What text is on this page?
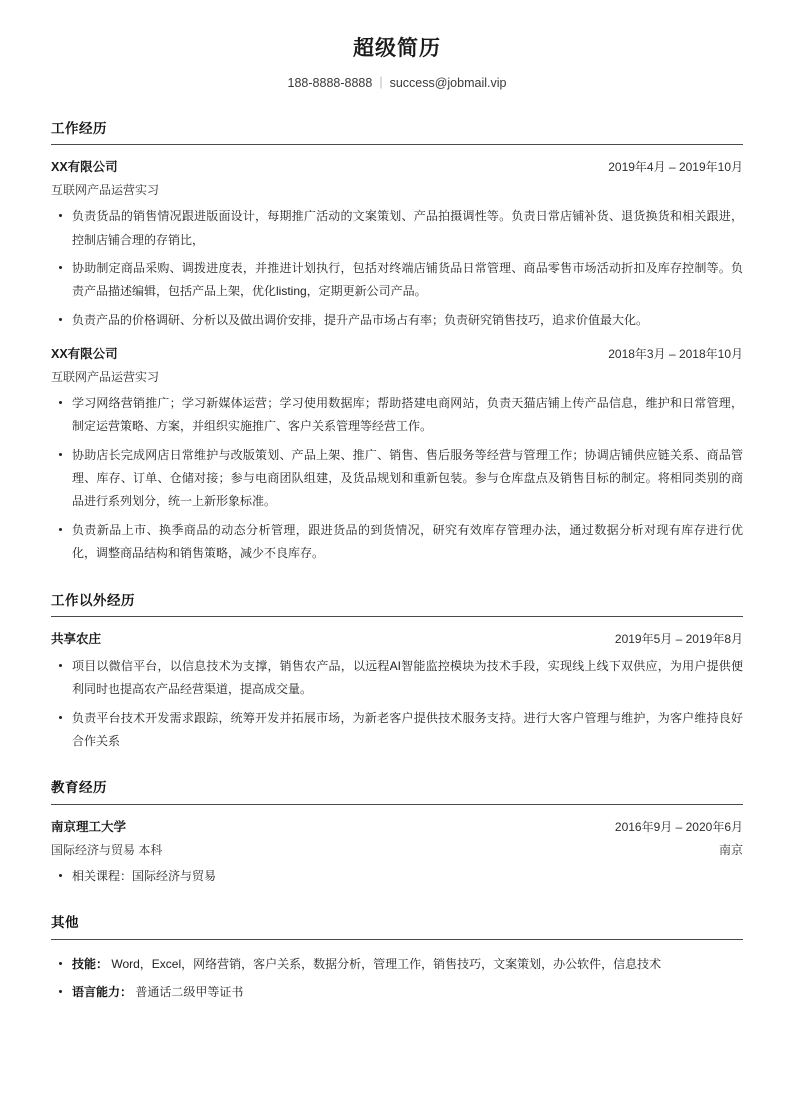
超级简历
188-8888-8888 | success@jobmail.vip
工作经历
XX有限公司	2019年4月 – 2019年10月
互联网产品运营实习
负责货品的销售情况跟进版面设计，每期推广活动的文案策划、产品拍摄调性等。负责日常店铺补货、退货换货和相关跟进，控制店铺合理的存销比，
协助制定商品采购、调拨进度表，并推进计划执行，包括对终端店铺货品日常管理、商品零售市场活动折扣及库存控制等。负责产品描述编辑，包括产品上架，优化listing，定期更新公司产品。
负责产品的价格调研、分析以及做出调价安排，提升产品市场占有率；负责研究销售技巧，追求价值最大化。
XX有限公司	2018年3月 – 2018年10月
互联网产品运营实习
学习网络营销推广；学习新媒体运营；学习使用数据库；帮助搭建电商网站，负责天猫店铺上传产品信息，维护和日常管理，制定运营策略、方案，并组织实施推广、客户关系管理等经营工作。
协助店长完成网店日常维护与改版策划、产品上架、推广、销售、售后服务等经营与管理工作；协调店铺供应链关系、商品管理、库存、订单、仓储对接；参与电商团队组建，及货品规划和重新包装。参与仓库盘点及销售目标的制定。将相同类别的商品进行系列划分，统一上新形象标准。
负责新品上市、换季商品的动态分析管理，跟进货品的到货情况，研究有效库存管理办法，通过数据分析对现有库存进行优化，调整商品结构和销售策略，减少不良库存。
工作以外经历
共享农庄	2019年5月 – 2019年8月
项目以微信平台，以信息技术为支撑，销售农产品，以远程AI智能监控模块为技术手段，实现线上线下双供应，为用户提供便利同时也提高农产品经营渠道，提高成交量。
负责平台技术开发需求跟踪，统筹开发并拓展市场，为新老客户提供技术服务支持。进行大客户管理与维护，为客户维持良好合作关系
教育经历
南京理工大学	2016年9月 – 2020年6月
国际经济与贸易 本科	南京
相关课程：国际经济与贸易
其他
技能： Word，Excel，网络营销，客户关系，数据分析，管理工作，销售技巧，文案策划，办公软件，信息技术
语言能力： 普通话二级甲等证书
